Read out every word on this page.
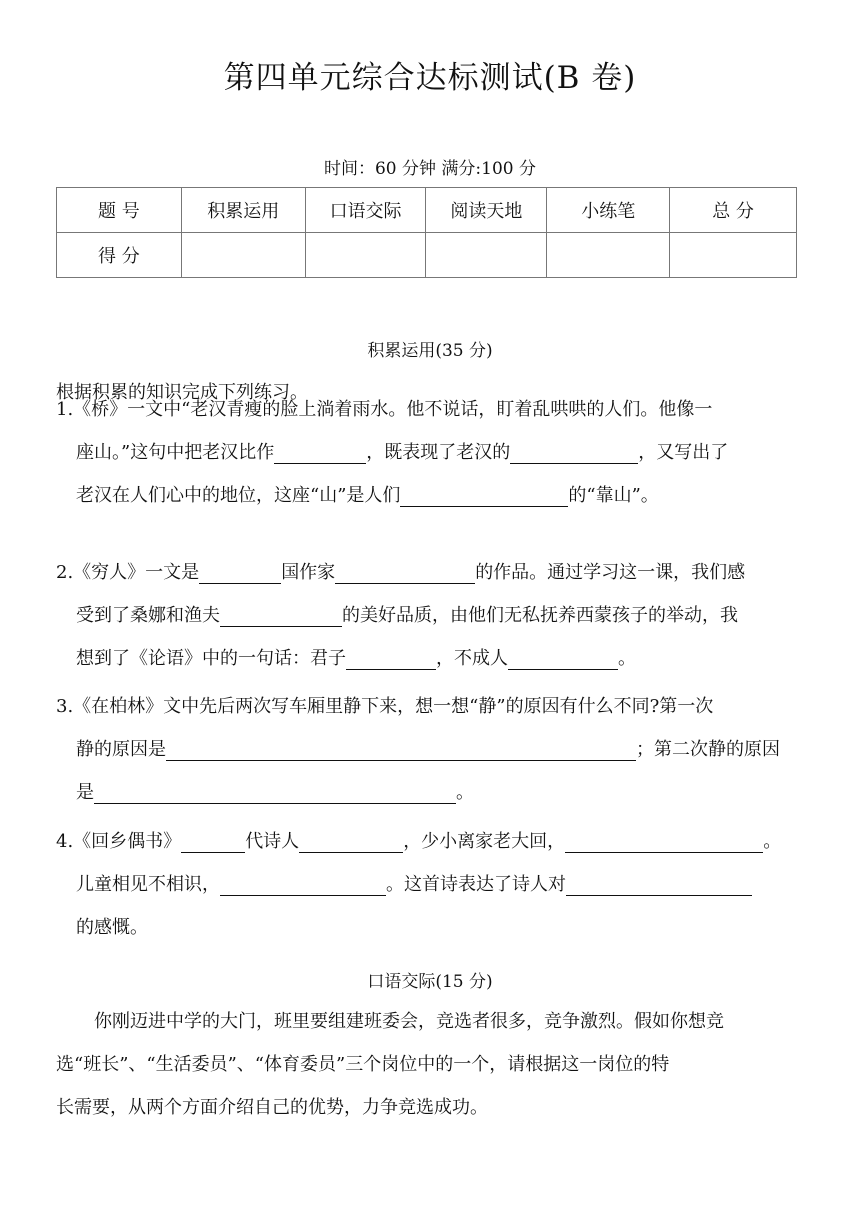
第四单元综合达标测试(B 卷)
时间：60 分钟 满分:100 分
题 号	积累运用	口语交际	阅读天地	小练笔	总 分
得 分					
积累运用(35 分)
根据积累的知识完成下列练习。
1.《桥》一文中“老汉青瘦的脸上淌着雨水。他不说话，盯着乱哄哄的人们。他像一
座山。”这句中把老汉比作	，既表现了老汉的	，又写出了
老汉在人们心中的地位，这座“山”是人们	的“靠山”。
2.《穷人》一文是	国作家	的作品。通过学习这一课，我们感
受到了桑娜和渔夫	的美好品质，由他们无私抚养西蒙孩子的举动，我
想到了《论语》中的一句话：君子	，不成人	。
3.《在柏林》文中先后两次写车厢里静下来，想一想“静”的原因有什么不同?第一次
静的原因是	；第二次静的原因
是	。
4.《回乡偶书》	代诗人	，少小离家老大回，	。
儿童相见不相识，	。这首诗表达了诗人对
的感慨。
口语交际(15 分)
你刚迈进中学的大门，班里要组建班委会，竞选者很多，竞争激烈。假如你想竞
选“班长”、“生活委员”、“体育委员”三个岗位中的一个，请根据这一岗位的特
长需要，从两个方面介绍自己的优势，力争竞选成功。
